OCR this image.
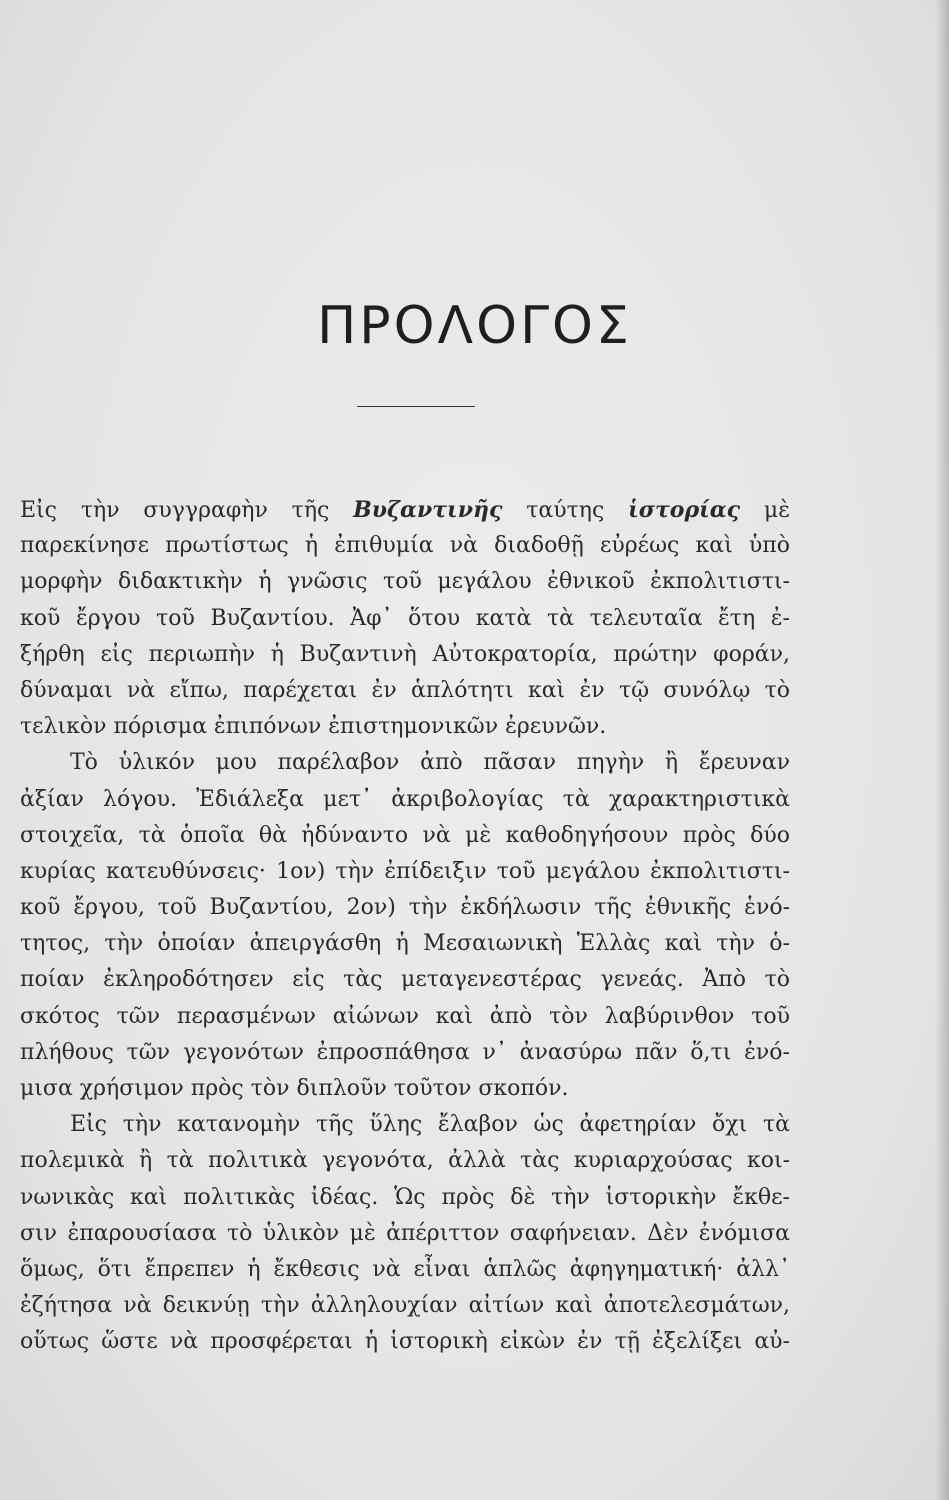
ΠΡΟΛΟΓΟΣ
Εἰς τὴν συγγραφὴν τῆς Βυζαντινῆς ταύτης ἱστορίας μὲ
παρεκίνησε πρωτίστως ἡ ἐπιθυμία νὰ διαδοθῇ εὐρέως καὶ ὑπὸ
μορφὴν διδακτικὴν ἡ γνῶσις τοῦ μεγάλου ἐθνικοῦ ἐκπολιτιστι-
κοῦ ἔργου τοῦ Βυζαντίου. Ἀφ᾽ ὅτου κατὰ τὰ τελευταῖα ἔτη ἐ-
ξήρθη εἰς περιωπὴν ἡ Βυζαντινὴ Αὐτοκρατορία, πρώτην φοράν,
δύναμαι νὰ εἴπω, παρέχεται ἐν ἁπλότητι καὶ ἐν τῷ συνόλῳ τὸ
τελικὸν πόρισμα ἐπιπόνων ἐπιστημονικῶν ἐρευνῶν.
Τὸ ὑλικόν μου παρέλαβον ἀπὸ πᾶσαν πηγὴν ἢ ἔρευναν
ἀξίαν λόγου. Ἐδιάλεξα μετ᾽ ἀκριβολογίας τὰ χαρακτηριστικὰ
στοιχεῖα, τὰ ὁποῖα θὰ ἠδύναντο νὰ μὲ καθοδηγήσουν πρὸς δύο
κυρίας κατευθύνσεις· 1ον) τὴν ἐπίδειξιν τοῦ μεγάλου ἐκπολιτιστι-
κοῦ ἔργου, τοῦ Βυζαντίου, 2ον) τὴν ἐκδήλωσιν τῆς ἐθνικῆς ἑνό-
τητος, τὴν ὁποίαν ἀπειργάσθη ἡ Μεσαιωνικὴ Ἑλλὰς καὶ τὴν ὁ-
ποίαν ἐκληροδότησεν εἰς τὰς μεταγενεστέρας γενεάς. Ἀπὸ τὸ
σκότος τῶν περασμένων αἰώνων καὶ ἀπὸ τὸν λαβύρινθον τοῦ
πλήθους τῶν γεγονότων ἐπροσπάθησα ν᾽ ἀνασύρω πᾶν ὅ,τι ἐνό-
μισα χρήσιμον πρὸς τὸν διπλοῦν τοῦτον σκοπόν.
Εἰς τὴν κατανομὴν τῆς ὕλης ἔλαβον ὡς ἀφετηρίαν ὄχι τὰ
πολεμικὰ ἢ τὰ πολιτικὰ γεγονότα, ἀλλὰ τὰς κυριαρχούσας κοι-
νωνικὰς καὶ πολιτικὰς ἰδέας. Ὡς πρὸς δὲ τὴν ἱστορικὴν ἔκθε-
σιν ἐπαρουσίασα τὸ ὑλικὸν μὲ ἀπέριττον σαφήνειαν. Δὲν ἐνόμισα
ὅμως, ὅτι ἔπρεπεν ἡ ἔκθεσις νὰ εἶναι ἁπλῶς ἀφηγηματική· ἀλλ᾽
ἐζήτησα νὰ δεικνύῃ τὴν ἀλληλουχίαν αἰτίων καὶ ἀποτελεσμάτων,
οὕτως ὥστε νὰ προσφέρεται ἡ ἱστορικὴ εἰκὼν ἐν τῇ ἐξελίξει αὐ-
